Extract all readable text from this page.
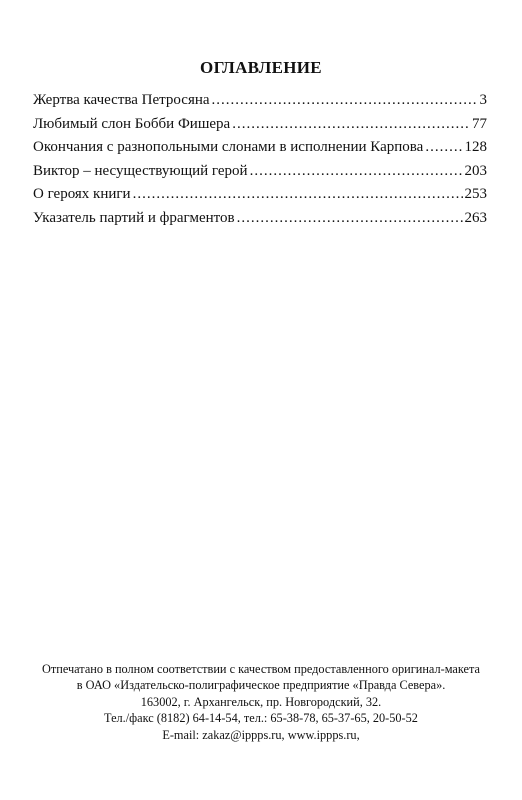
ОГЛАВЛЕНИЕ
Жертва качества Петросяна .....	3
Любимый слон Бобби Фишера .....	77
Окончания с разнопольными слонами в исполнении Карпова .....	128
Виктор – несуществующий герой .....	203
О героях книги .....	253
Указатель партий и фрагментов .....	263
Отпечатано в полном соответствии с качеством предоставленного оригинал-макета
в ОАО «Издательско-полиграфическое предприятие «Правда Севера».
163002, г. Архангельск, пр. Новгородский, 32.
Тел./факс (8182) 64-14-54, тел.: 65-38-78, 65-37-65, 20-50-52
E-mail: zakaz@ippps.ru, www.ippps.ru,
